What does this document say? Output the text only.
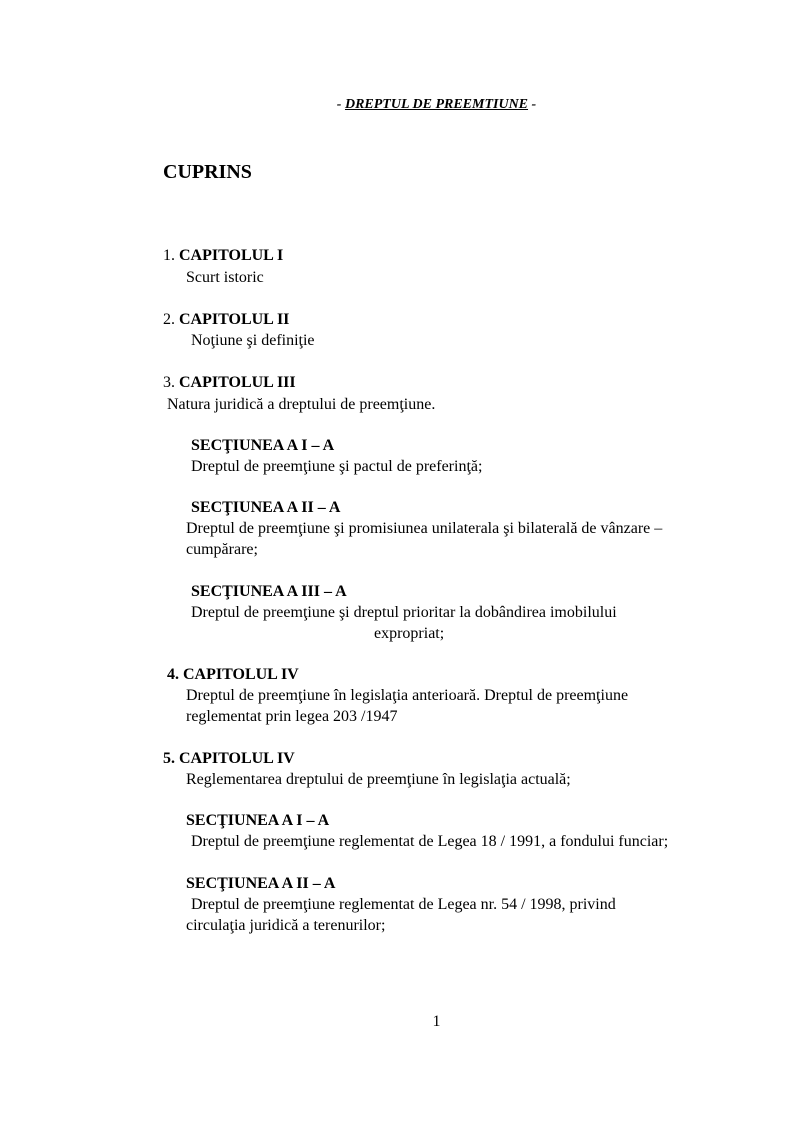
- DREPTUL DE PREEMTIUNE -
CUPRINS
1. CAPITOLUL I
Scurt istoric
2. CAPITOLUL II
Noţiune şi definiţie
3. CAPITOLUL III
Natura juridică a dreptului de preemţiune.
SECŢIUNEA A I – A
Dreptul de preemţiune şi pactul de preferinţă;
SECŢIUNEA A II – A
Dreptul de preemţiune şi promisiunea unilaterala şi bilaterală de vânzare –
cumpărare;
SECŢIUNEA A III – A
Dreptul de preemţiune şi dreptul prioritar la dobândirea imobilului
expropriat;
4. CAPITOLUL IV
Dreptul de preemţiune în legislaţia anterioară. Dreptul de preemţiune
reglementat prin legea 203 /1947
5. CAPITOLUL IV
Reglementarea dreptului de preemţiune în legislaţia actuală;
SECŢIUNEA A I – A
Dreptul de preemţiune reglementat de Legea 18 / 1991, a fondului funciar;
SECŢIUNEA A II – A
Dreptul de preemţiune reglementat de Legea nr. 54 / 1998, privind
circulaţia juridică a terenurilor;
1
